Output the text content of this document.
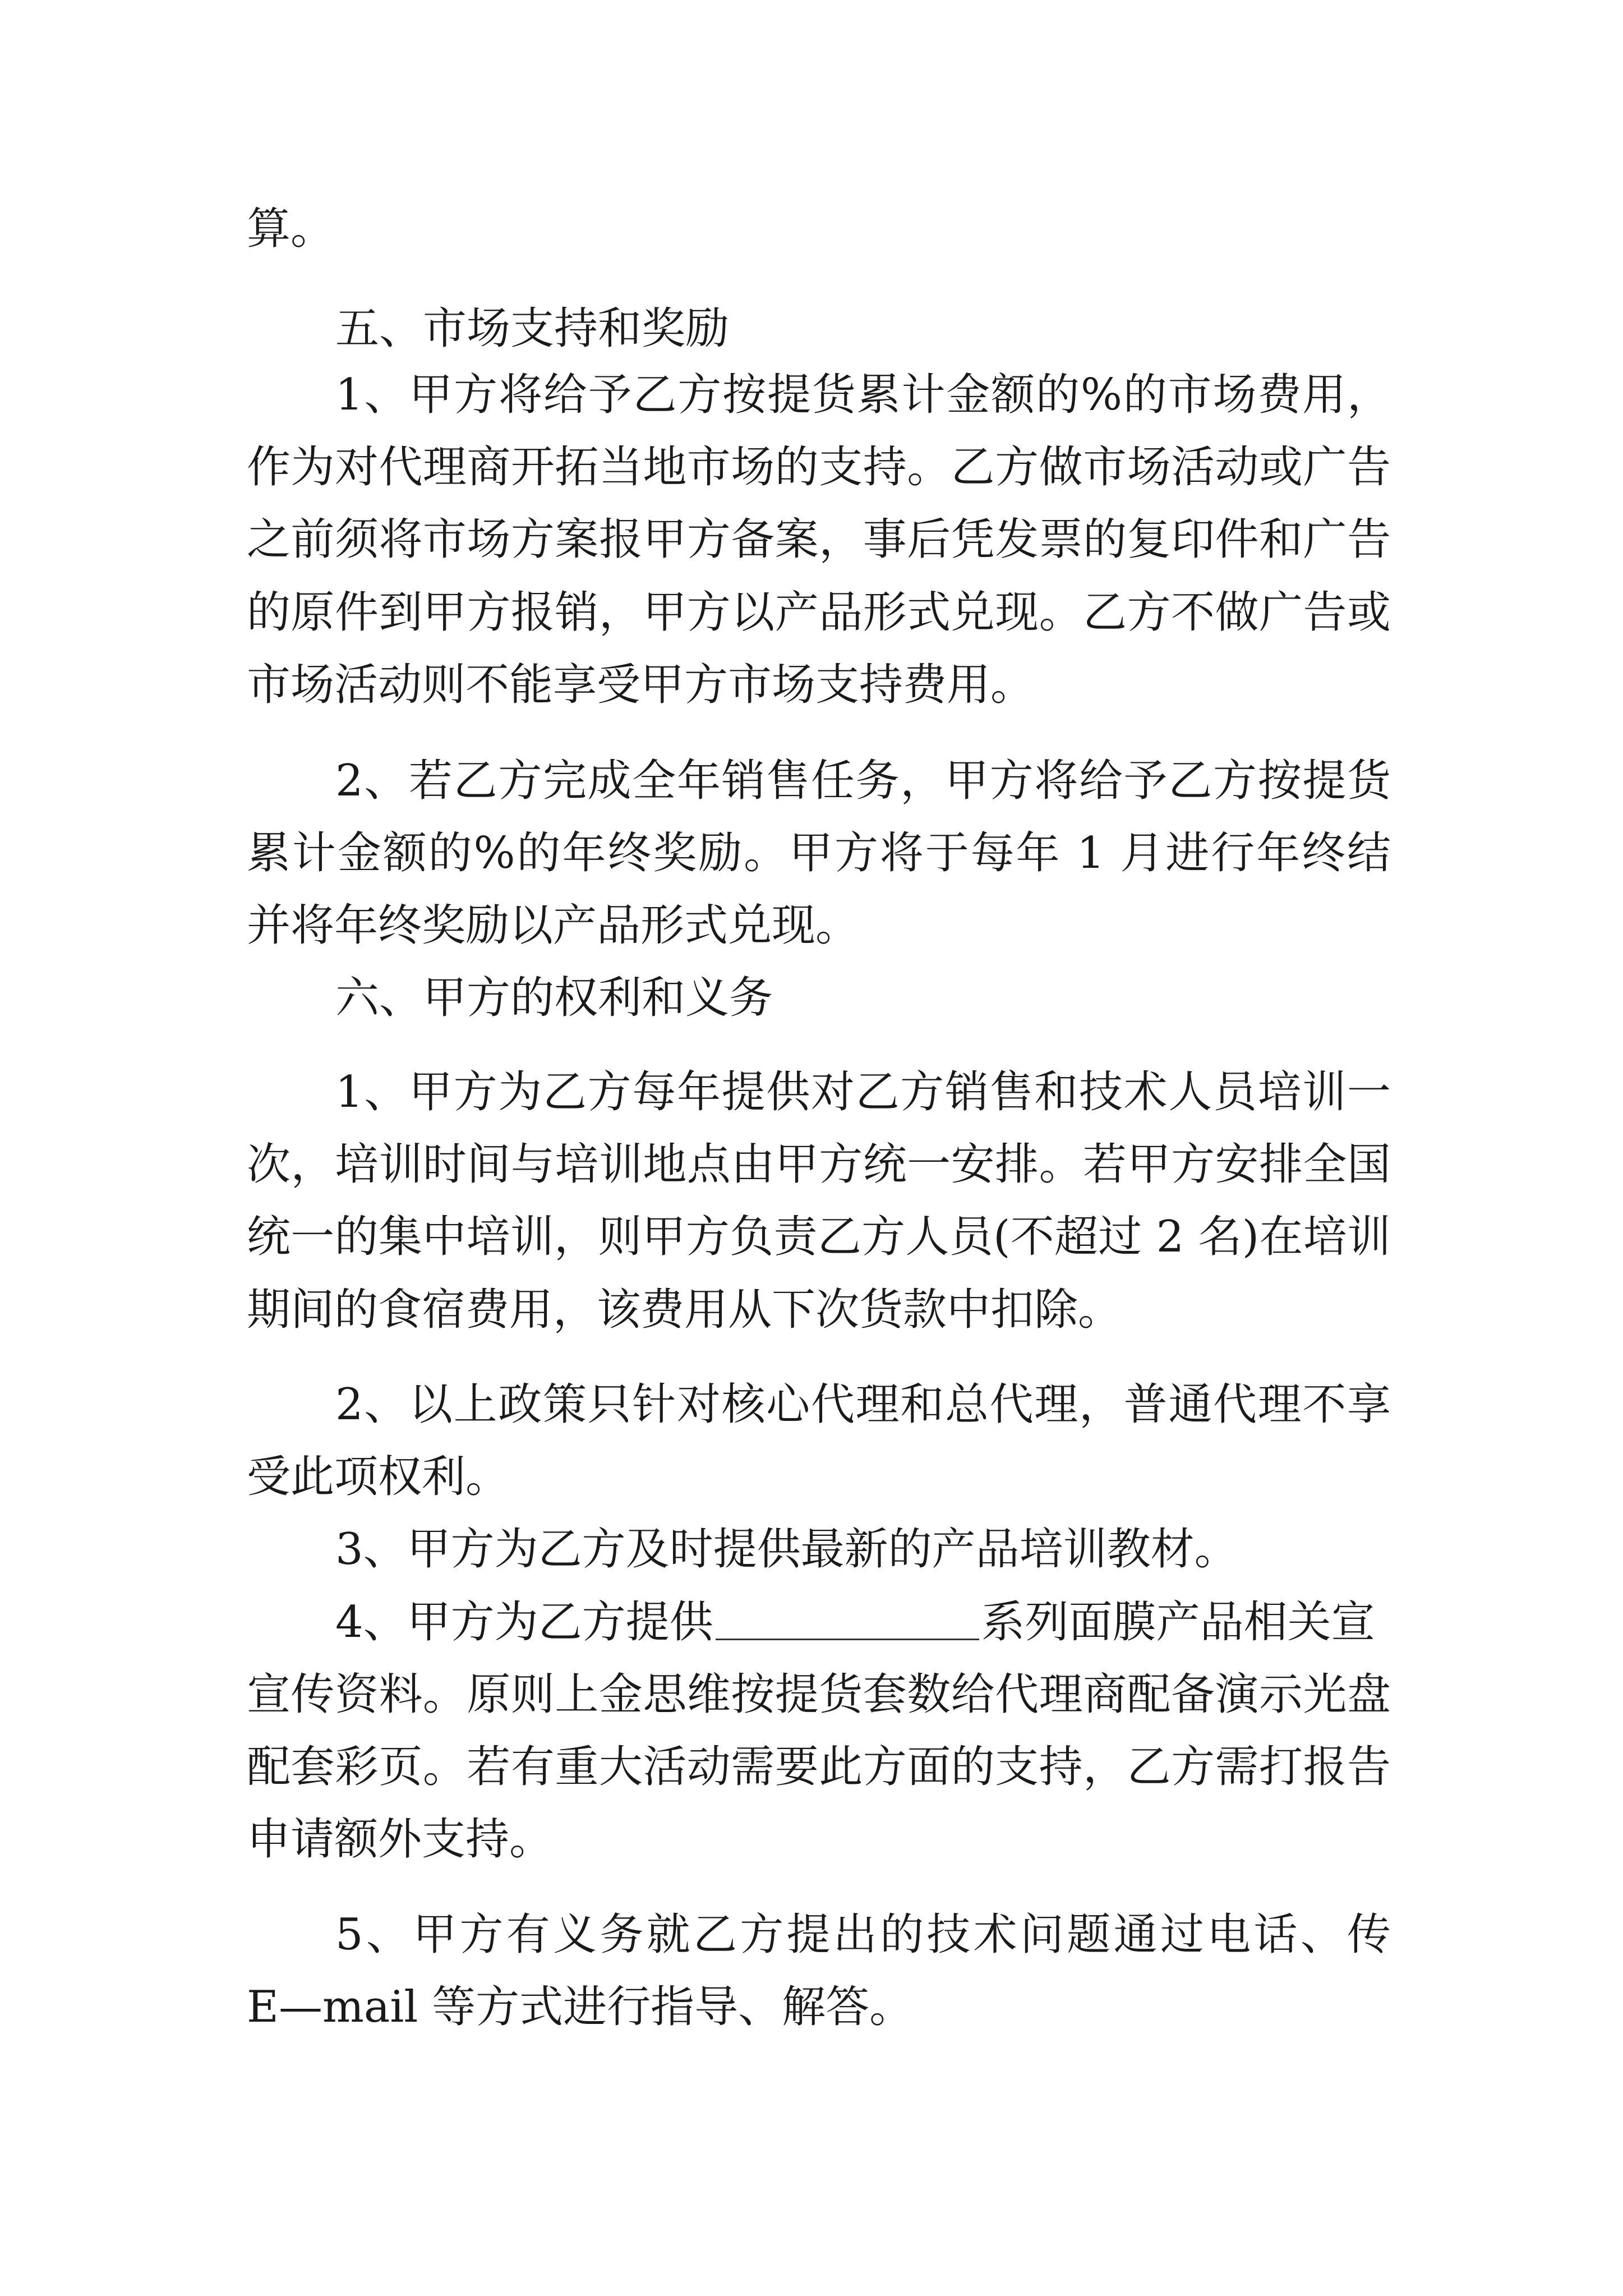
算。
五、市场支持和奖励
1、甲方将给予乙方按提货累计金额的%的市场费用，
作为对代理商开拓当地市场的支持。乙方做市场活动或广告
之前须将市场方案报甲方备案，事后凭发票的复印件和广告
的原件到甲方报销，甲方以产品形式兑现。乙方不做广告或
市场活动则不能享受甲方市场支持费用。
2、若乙方完成全年销售任务，甲方将给予乙方按提货
累计金额的%的年终奖励。甲方将于每年 1 月进行年终结
并将年终奖励以产品形式兑现。
六、甲方的权利和义务
1、甲方为乙方每年提供对乙方销售和技术人员培训一
次，培训时间与培训地点由甲方统一安排。若甲方安排全国
统一的集中培训，则甲方负责乙方人员(不超过 2 名)在培训
期间的食宿费用，该费用从下次货款中扣除。
2、以上政策只针对核心代理和总代理，普通代理不享
受此项权利。
3、甲方为乙方及时提供最新的产品培训教材。
4、甲方为乙方提供	系列面膜产品相关宣
宣传资料。原则上金思维按提货套数给代理商配备演示光盘
配套彩页。若有重大活动需要此方面的支持，乙方需打报告
申请额外支持。
5、甲方有义务就乙方提出的技术问题通过电话、传
E—mail 等方式进行指导、解答。
